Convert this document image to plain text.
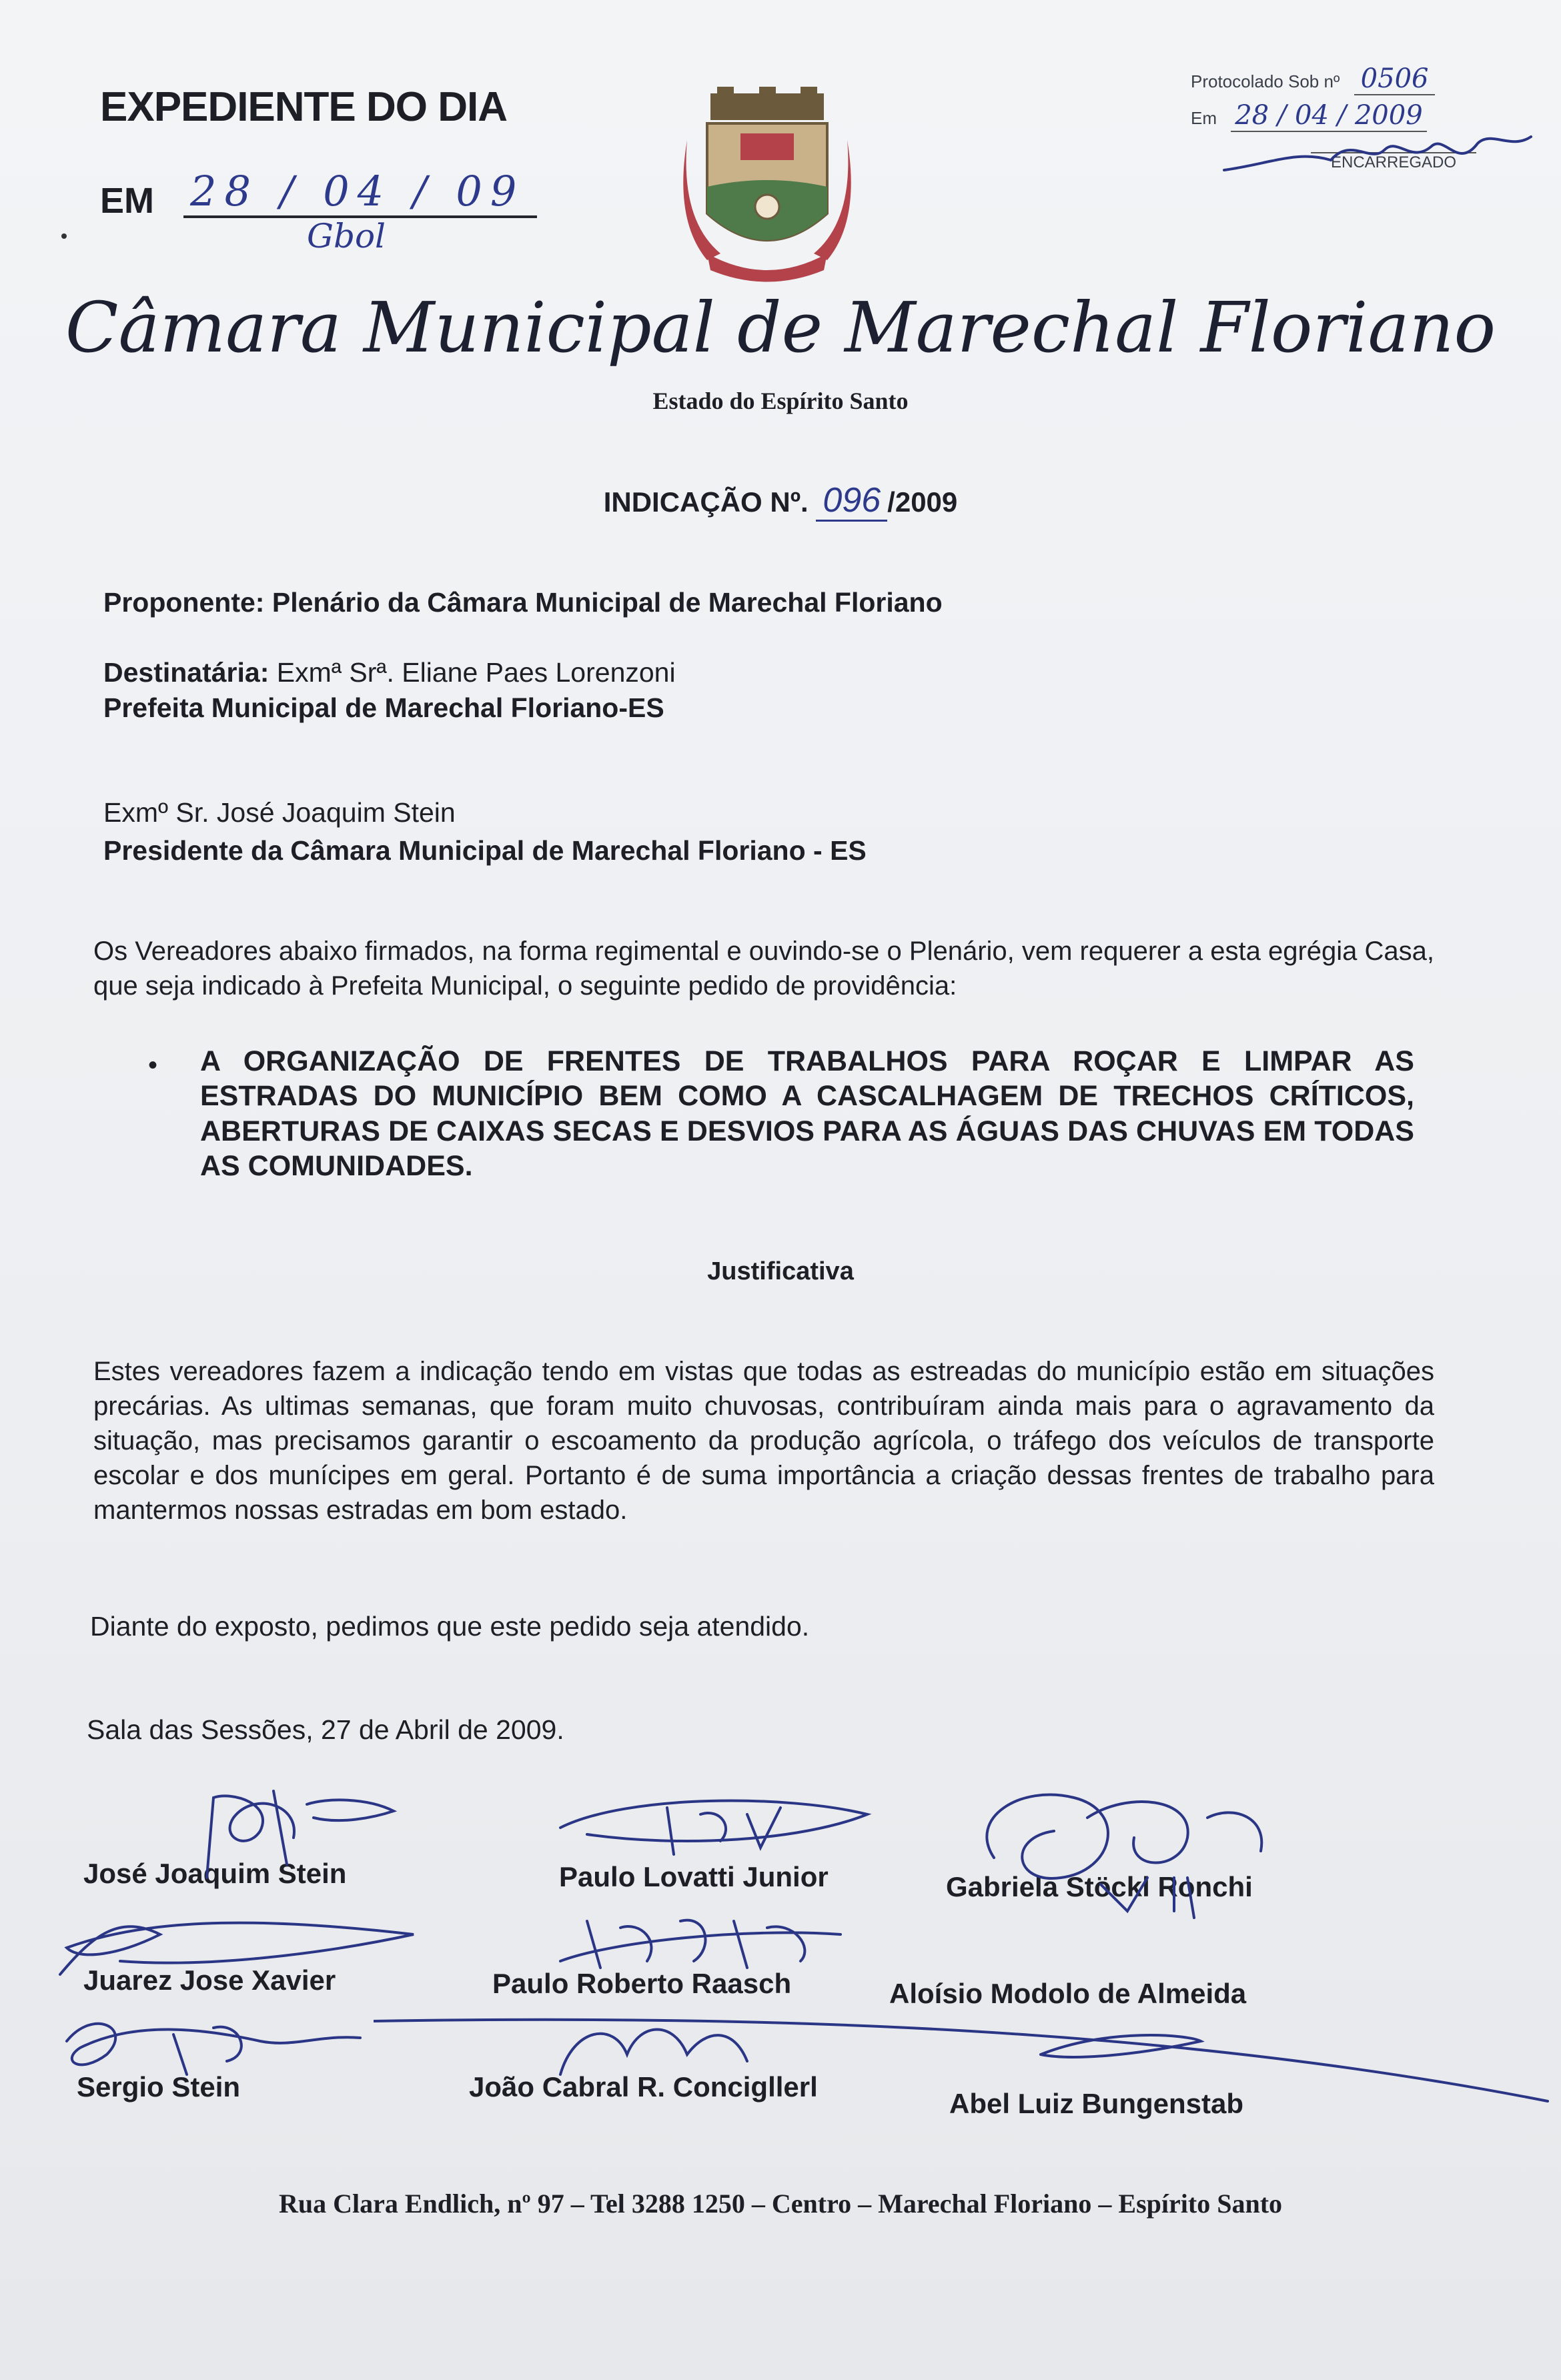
EXPEDIENTE DO DIA
EM 28 / 04 / 09
Gbol
Protocolado Sob nº 0506
Em 28 / 04 / 2009
ENCARREGADO
Câmara Municipal de Marechal Floriano
Estado do Espírito Santo
INDICAÇÃO Nº. 096 /2009
Proponente: Plenário da Câmara Municipal de Marechal Floriano
Destinatária: Exmª Srª. Eliane Paes Lorenzoni
Prefeita Municipal de Marechal Floriano-ES
Exmº Sr. José Joaquim Stein
Presidente da Câmara Municipal de Marechal Floriano - ES
Os Vereadores abaixo firmados, na forma regimental e ouvindo-se o Plenário, vem requerer a esta egrégia Casa, que seja indicado à Prefeita Municipal, o seguinte pedido de providência:
• A ORGANIZAÇÃO DE FRENTES DE TRABALHOS PARA ROÇAR E LIMPAR AS ESTRADAS DO MUNICÍPIO BEM COMO A CASCALHAGEM DE TRECHOS CRÍTICOS, ABERTURAS DE CAIXAS SECAS E DESVIOS PARA AS ÁGUAS DAS CHUVAS EM TODAS AS COMUNIDADES.
Justificativa
Estes vereadores fazem a indicação tendo em vistas que todas as estreadas do município estão em situações precárias. As ultimas semanas, que foram muito chuvosas, contribuíram ainda mais para o agravamento da situação, mas precisamos garantir o escoamento da produção agrícola, o tráfego dos veículos de transporte escolar e dos munícipes em geral. Portanto é de suma importância a criação dessas frentes de trabalho para mantermos nossas estradas em bom estado.
Diante do exposto, pedimos que este pedido seja atendido.
Sala das Sessões, 27 de Abril de 2009.
José Joaquim Stein	Paulo Lovatti Junior	Gabriela Stöckl Ronchi
Juarez Jose Xavier	Paulo Roberto Raasch	Aloísio Modolo de Almeida
Sergio Stein	João Cabral R. Concigllerl
Abel Luiz Bungenstab
Rua Clara Endlich, nº 97 – Tel 3288 1250 – Centro – Marechal Floriano – Espírito Santo
